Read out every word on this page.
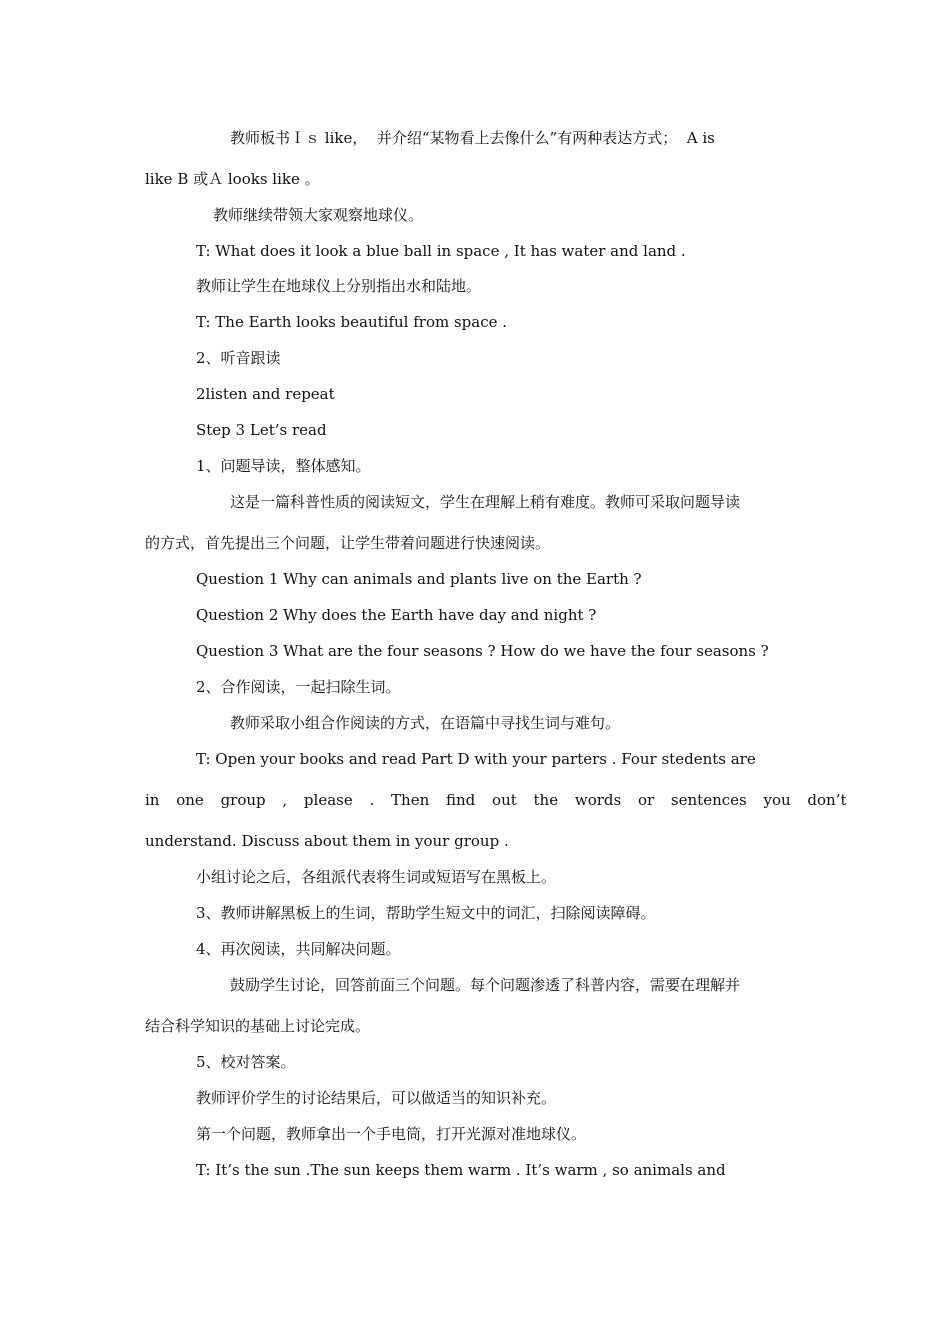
教师板书Ｉｓ like，  并介绍“某物看上去像什么”有两种表达方式；  A is
like B 或Ａ looks like 。
教师继续带领大家观察地球仪。
T: What does it look a blue ball in space , It has water and land .
教师让学生在地球仪上分别指出水和陆地。
T: The Earth looks beautiful from space .
2、听音跟读
2listen and repeat
Step 3 Let’s read
1、问题导读，整体感知。
这是一篇科普性质的阅读短文，学生在理解上稍有难度。教师可采取问题导读
的方式，首先提出三个问题，让学生带着问题进行快速阅读。
Question 1 Why can animals and plants live on the Earth ?
Question 2 Why does the Earth have day and night ?
Question 3 What are the four seasons ? How do we have the four seasons ?
2、合作阅读，一起扫除生词。
教师采取小组合作阅读的方式，在语篇中寻找生词与难句。
T: Open your books and read Part D with your parters . Four stedents are
in one group , please . Then find out the words or sentences you don’t
understand. Discuss about them in your group .
小组讨论之后，各组派代表将生词或短语写在黑板上。
3、教师讲解黑板上的生词，帮助学生短文中的词汇，扫除阅读障碍。
4、再次阅读，共同解决问题。
鼓励学生讨论，回答前面三个问题。每个问题渗透了科普内容，需要在理解并
结合科学知识的基础上讨论完成。
5、校对答案。
教师评价学生的讨论结果后，可以做适当的知识补充。
第一个问题，教师拿出一个手电筒，打开光源对准地球仪。
T: It’s the sun .The sun keeps them warm . It’s warm , so animals and
